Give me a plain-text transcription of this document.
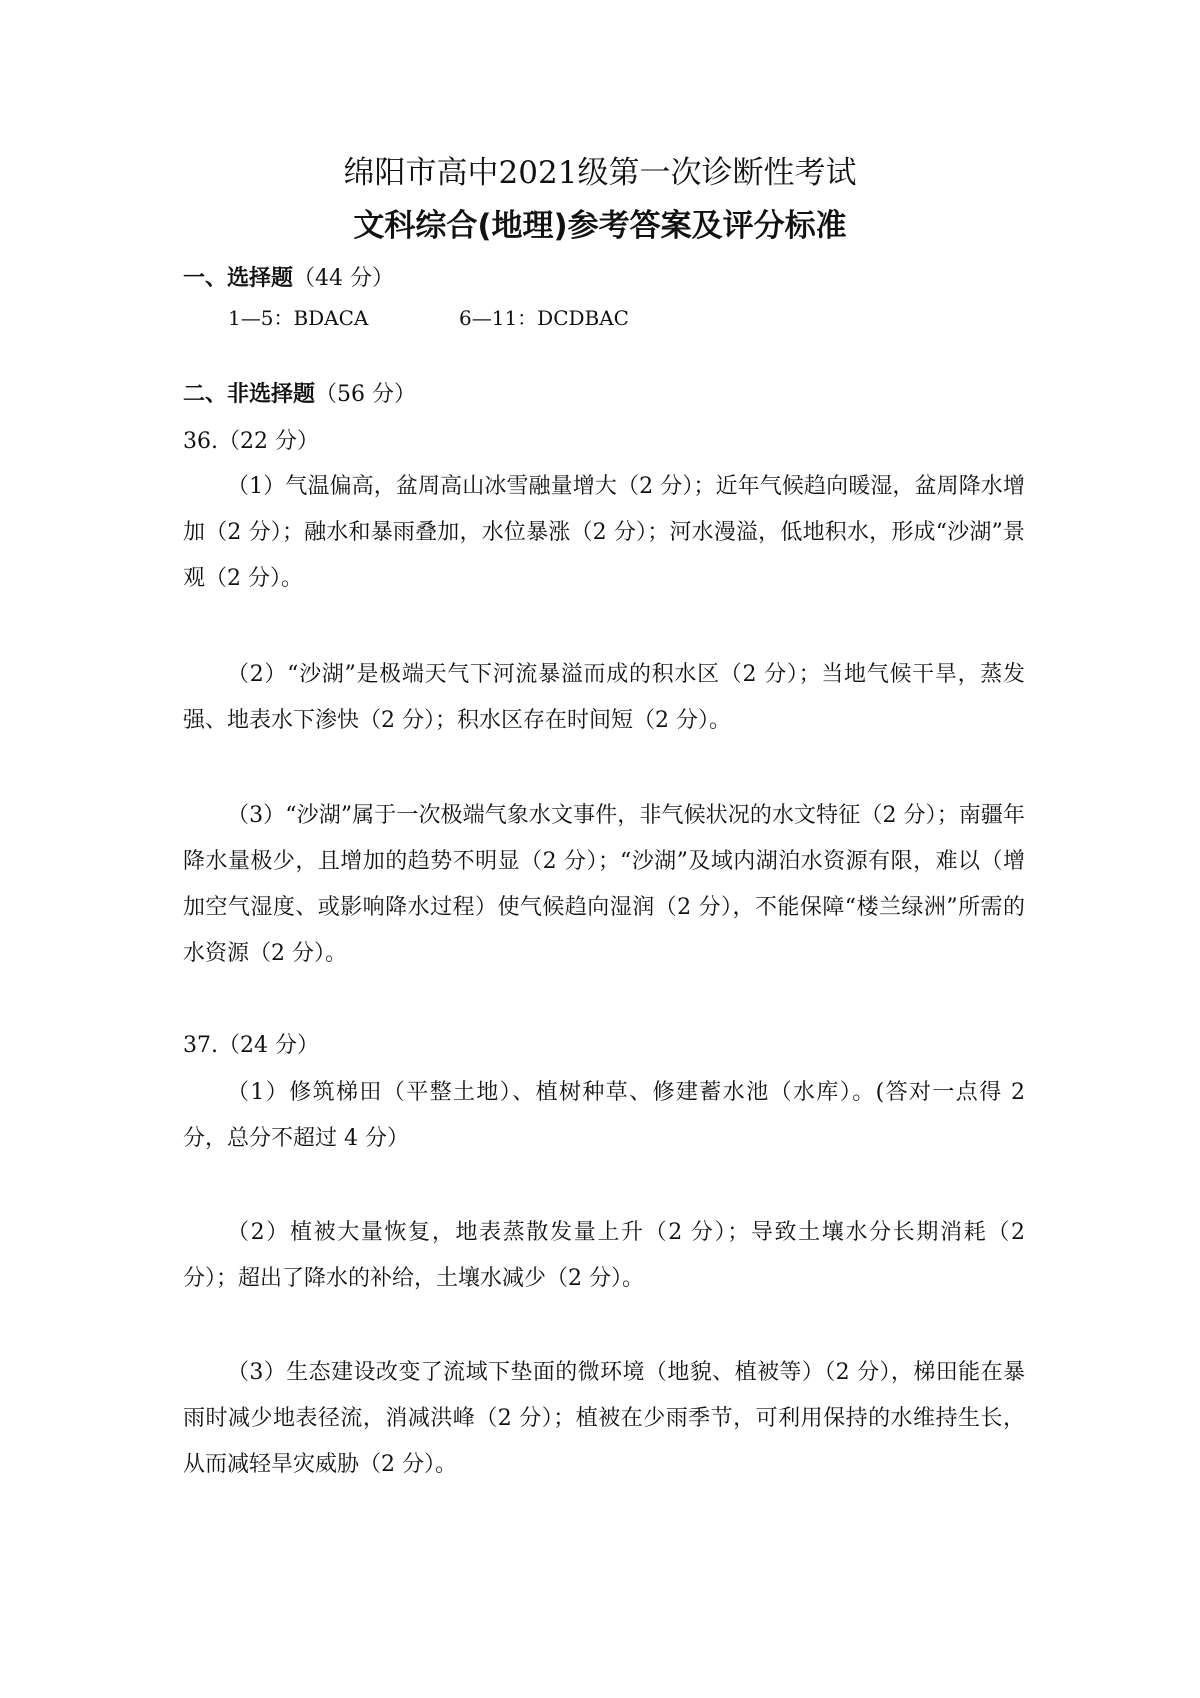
绵阳市高中2021级第一次诊断性考试
文科综合(地理)参考答案及评分标准
一、选择题（44 分）
1—5：BDACA	6—11：DCDBAC
二、非选择题（56 分）
36.（22 分）

（1）气温偏高，盆周高山冰雪融量增大（2 分）；近年气候趋向暖湿，盆周降水增加（2 分）；融水和暴雨叠加，水位暴涨（2 分）；河水漫溢，低地积水，形成“沙湖”景观（2 分）。

（2）“沙湖”是极端天气下河流暴溢而成的积水区（2 分）；当地气候干旱，蒸发强、地表水下渗快（2 分）；积水区存在时间短（2 分）。

（3）“沙湖”属于一次极端气象水文事件，非气候状况的水文特征（2 分）；南疆年降水量极少，且增加的趋势不明显（2 分）；“沙湖”及域内湖泊水资源有限，难以（增加空气湿度、或影响降水过程）使气候趋向湿润（2 分），不能保障“楼兰绿洲”所需的水资源（2 分）。

37.（24 分）

（1）修筑梯田（平整土地）、植树种草、修建蓄水池（水库）。(答对一点得 2 分，总分不超过 4 分）

（2）植被大量恢复，地表蒸散发量上升（2 分）；导致土壤水分长期消耗（2 分）；超出了降水的补给，土壤水减少（2 分）。

（3）生态建设改变了流域下垫面的微环境（地貌、植被等）（2 分），梯田能在暴雨时减少地表径流，消减洪峰（2 分）；植被在少雨季节，可利用保持的水维持生长，从而减轻旱灾威胁（2 分）。
